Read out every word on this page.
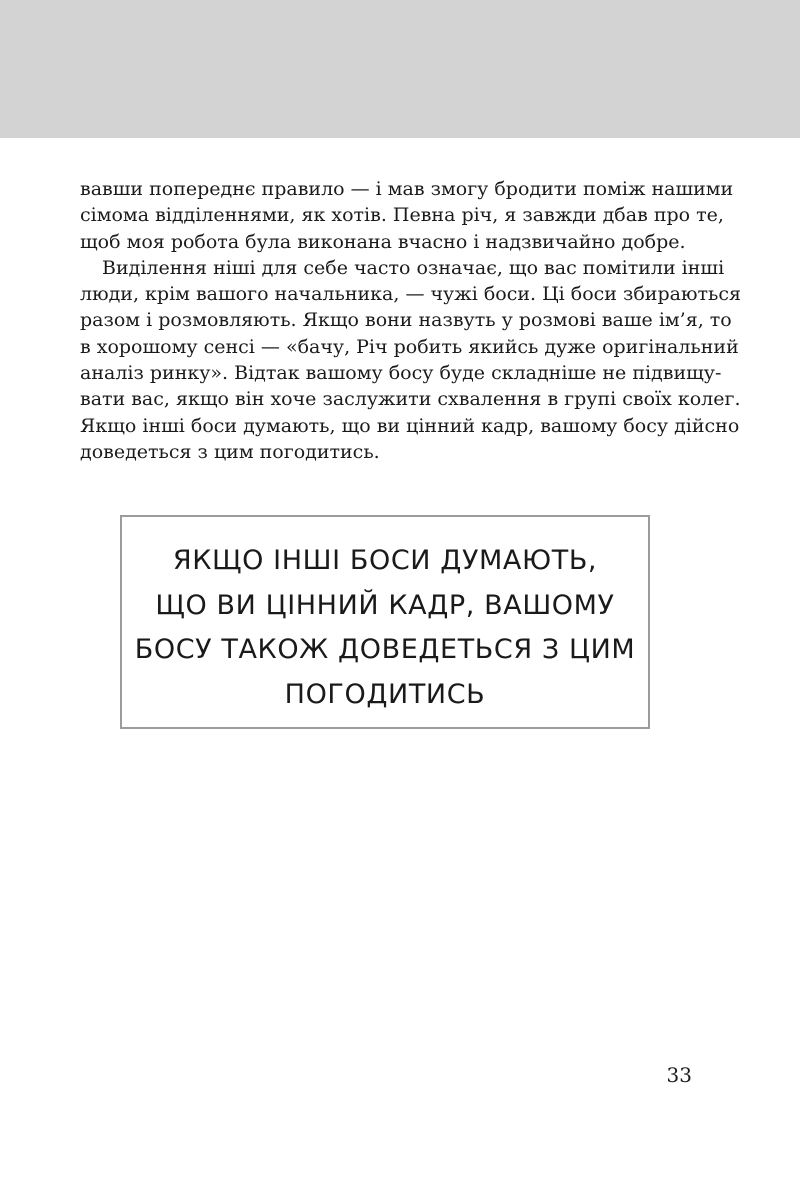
вавши попереднє правило — і мав змогу бродити поміж нашими
сімома відділеннями, як хотів. Певна річ, я завжди дбав про те,
щоб моя робота була виконана вчасно і надзвичайно добре.
Виділення ніші для себе часто означає, що вас помітили інші
люди, крім вашого начальника, — чужі боси. Ці боси збираються
разом і розмовляють. Якщо вони назвуть у розмові ваше ім’я, то
в хорошому сенсі — «бачу, Річ робить якийсь дуже оригінальний
аналіз ринку». Відтак вашому босу буде складніше не підвищу-
вати вас, якщо він хоче заслужити схвалення в групі своїх колег.
Якщо інші боси думають, що ви цінний кадр, вашому босу дійсно
доведеться з цим погодитись.
ЯКЩО ІНШІ БОСИ ДУМАЮТЬ,
ЩО ВИ ЦІННИЙ КАДР, ВАШОМУ
БОСУ ТАКОЖ ДОВЕДЕТЬСЯ З ЦИМ
ПОГОДИТИСЬ
33
